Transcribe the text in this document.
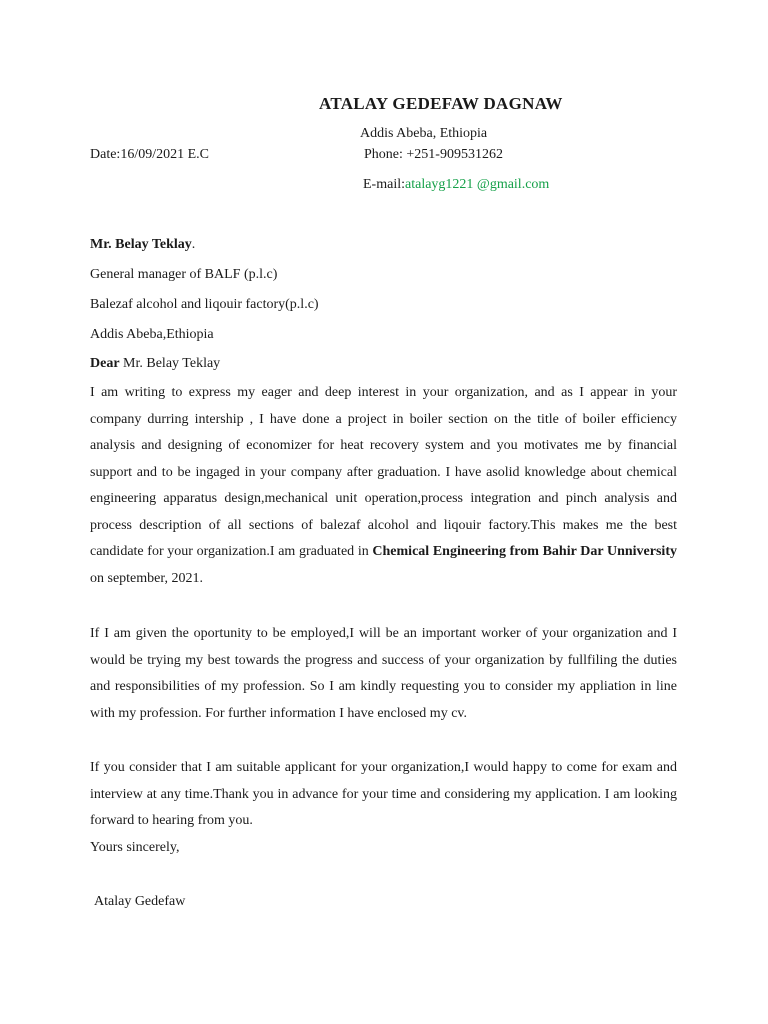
ATALAY GEDEFAW DAGNAW
Addis Abeba, Ethiopia
Date:16/09/2021 E.C	Phone: +251-909531262
E-mail:atalayg1221 @gmail.com
Mr. Belay Teklay.
General manager of BALF (p.l.c)
Balezaf alcohol and liqouir factory(p.l.c)
Addis Abeba,Ethiopia
Dear Mr. Belay Teklay
I am writing to express my eager and deep interest in your organization, and as I appear in your company durring intership , I have done a project in boiler section on the title of boiler efficiency analysis and designing of economizer for heat recovery system and you motivates me by financial support and to be ingaged in your company after graduation. I have asolid knowledge about chemical engineering apparatus design,mechanical unit operation,process integration and pinch analysis and process description of all sections of balezaf alcohol and liqouir factory.This makes me the best candidate for your organization.I am graduated in Chemical Engineering from Bahir Dar Unniversity on september, 2021.
If I am given the oportunity to be employed,I will be an important worker of your organization and I would be trying my best towards the progress and success of your organization by fullfiling the duties and responsibilities of my profession. So I am kindly requesting you to consider my appliation in line with my profession. For further information I have enclosed my cv.
If you consider that I am suitable applicant for your organization,I would happy to come for exam and interview at any time.Thank you in advance for your time and considering my application. I am looking forward to hearing from you.
Yours sincerely,
Atalay Gedefaw
